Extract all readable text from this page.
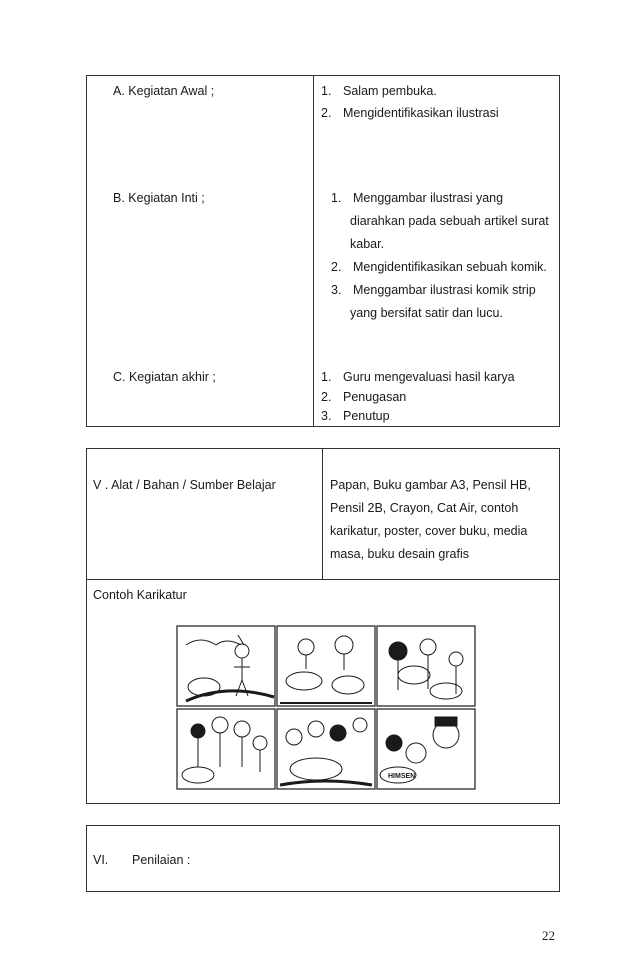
A. Kegiatan Awal ;	1. Salam pembuka.
2. Mengidentifikasikan ilustrasi
B. Kegiatan Inti ;	1. Menggambar ilustrasi yang
diarahkan pada sebuah artikel surat
kabar.
2. Mengidentifikasikan sebuah komik.
3. Menggambar ilustrasi komik strip
yang bersifat satir dan lucu.
C. Kegiatan akhir ;	1. Guru mengevaluasi hasil karya
2. Penugasan
3. Penutup
V . Alat / Bahan / Sumber Belajar	Papan, Buku gambar A3, Pensil HB,
Pensil 2B, Crayon, Cat Air, contoh
karikatur, poster, cover buku, media
masa, buku desain grafis
Contoh Karikatur
HIMSEN
VI. Penilaian :
22
